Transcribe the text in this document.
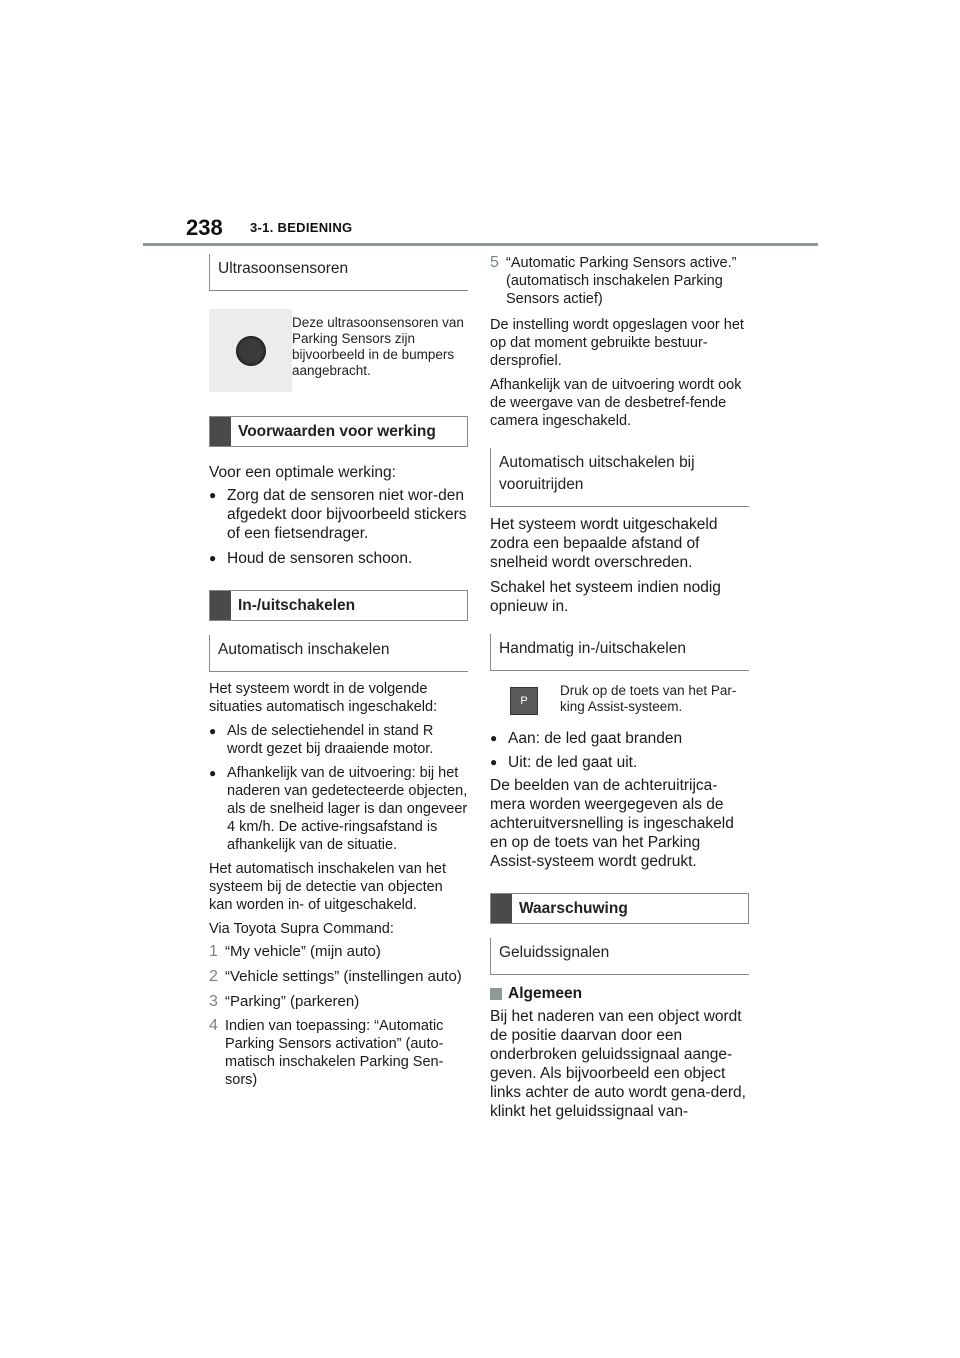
238 3-1. BEDIENING
Ultrasoonsensoren
Deze ultrasoonsensoren van Parking Sensors zijn bijvoorbeeld in de bumpers aangebracht.
Voorwaarden voor werking

Voor een optimale werking:

● Zorg dat de sensoren niet wor-den afgedekt door bijvoorbeeld stickers of een fietsendrager.
● Houd de sensoren schoon.
In-/uitschakelen
Automatisch inschakelen

Het systeem wordt in de volgende situaties automatisch ingeschakeld:

● Als de selectiehendel in stand R wordt gezet bij draaiende motor.
● Afhankelijk van de uitvoering: bij het naderen van gedetecteerde objecten, als de snelheid lager is dan ongeveer 4 km/h. De active-ringsafstand is afhankelijk van de situatie.

Het automatisch inschakelen van het systeem bij de detectie van objecten kan worden in- of uitgeschakeld.

Via Toyota Supra Command:

1 “My vehicle” (mijn auto)
2 “Vehicle settings” (instellingen auto)
3 “Parking” (parkeren)
4 Indien van toepassing: “Automatic Parking Sensors activation” (auto-matisch inschakelen Parking Sen-sors)
5 “Automatic Parking Sensors active.” (automatisch inschakelen Parking Sensors actief)

De instelling wordt opgeslagen voor het op dat moment gebruikte bestuur-dersprofiel.

Afhankelijk van de uitvoering wordt ook de weergave van de desbetref-fende camera ingeschakeld.

Automatisch uitschakelen bij vooruitrijden

Het systeem wordt uitgeschakeld zodra een bepaalde afstand of snelheid wordt overschreden.

Schakel het systeem indien nodig opnieuw in.

Handmatig in-/uitschakelen
P
Druk op de toets van het Par-king Assist-systeem.
● Aan: de led gaat branden
● Uit: de led gaat uit.

De beelden van de achteruitrijca-mera worden weergegeven als de achteruitversnelling is ingeschakeld en op de toets van het Parking Assist-systeem wordt gedrukt.

Waarschuwing
Geluidssignalen
Algemeen

Bij het naderen van een object wordt de positie daarvan door een onderbroken geluidssignaal aange-geven. Als bijvoorbeeld een object links achter de auto wordt gena-derd, klinkt het geluidssignaal van-
